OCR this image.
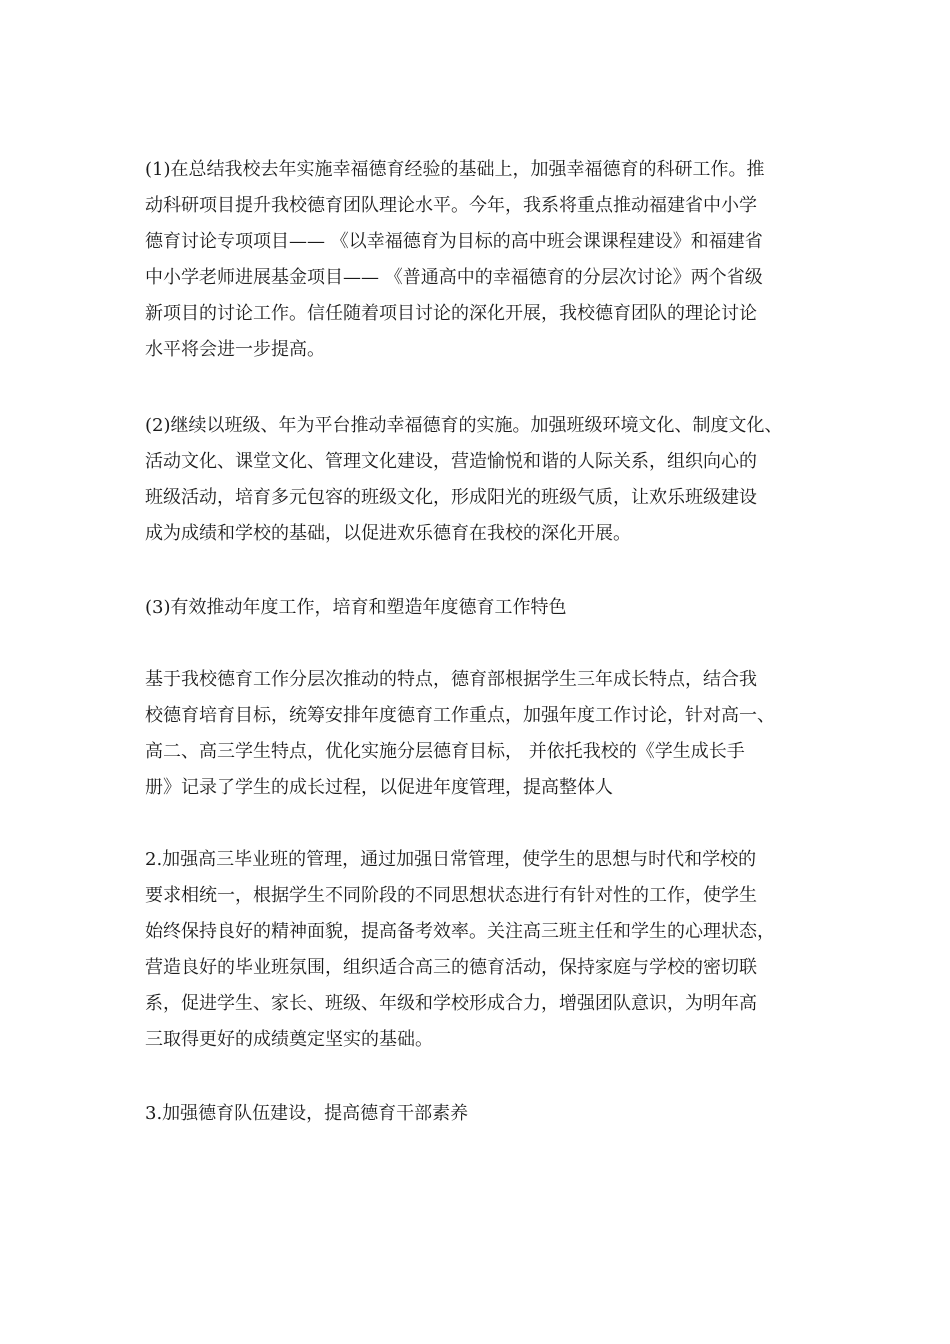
(1)在总结我校去年实施幸福德育经验的基础上，加强幸福德育的科研工作。推
动科研项目提升我校德育团队理论水平。今年，我系将重点推动福建省中小学
德育讨论专项项目—— 《以幸福德育为目标的高中班会课课程建设》和福建省
中小学老师进展基金项目—— 《普通高中的幸福德育的分层次讨论》两个省级
新项目的讨论工作。信任随着项目讨论的深化开展，我校德育团队的理论讨论
水平将会进一步提高。
(2)继续以班级、年为平台推动幸福德育的实施。加强班级环境文化、制度文化、
活动文化、课堂文化、管理文化建设，营造愉悦和谐的人际关系，组织向心的
班级活动，培育多元包容的班级文化，形成阳光的班级气质，让欢乐班级建设
成为成绩和学校的基础，以促进欢乐德育在我校的深化开展。
(3)有效推动年度工作，培育和塑造年度德育工作特色
基于我校德育工作分层次推动的特点，德育部根据学生三年成长特点，结合我
校德育培育目标，统筹安排年度德育工作重点，加强年度工作讨论，针对高一、
高二、高三学生特点，优化实施分层德育目标， 并依托我校的《学生成长手
册》记录了学生的成长过程，以促进年度管理，提高整体人
2.加强高三毕业班的管理，通过加强日常管理，使学生的思想与时代和学校的
要求相统一，根据学生不同阶段的不同思想状态进行有针对性的工作，使学生
始终保持良好的精神面貌，提高备考效率。关注高三班主任和学生的心理状态，
营造良好的毕业班氛围，组织适合高三的德育活动，保持家庭与学校的密切联
系，促进学生、家长、班级、年级和学校形成合力，增强团队意识，为明年高
三取得更好的成绩奠定坚实的基础。
3.加强德育队伍建设，提高德育干部素养
